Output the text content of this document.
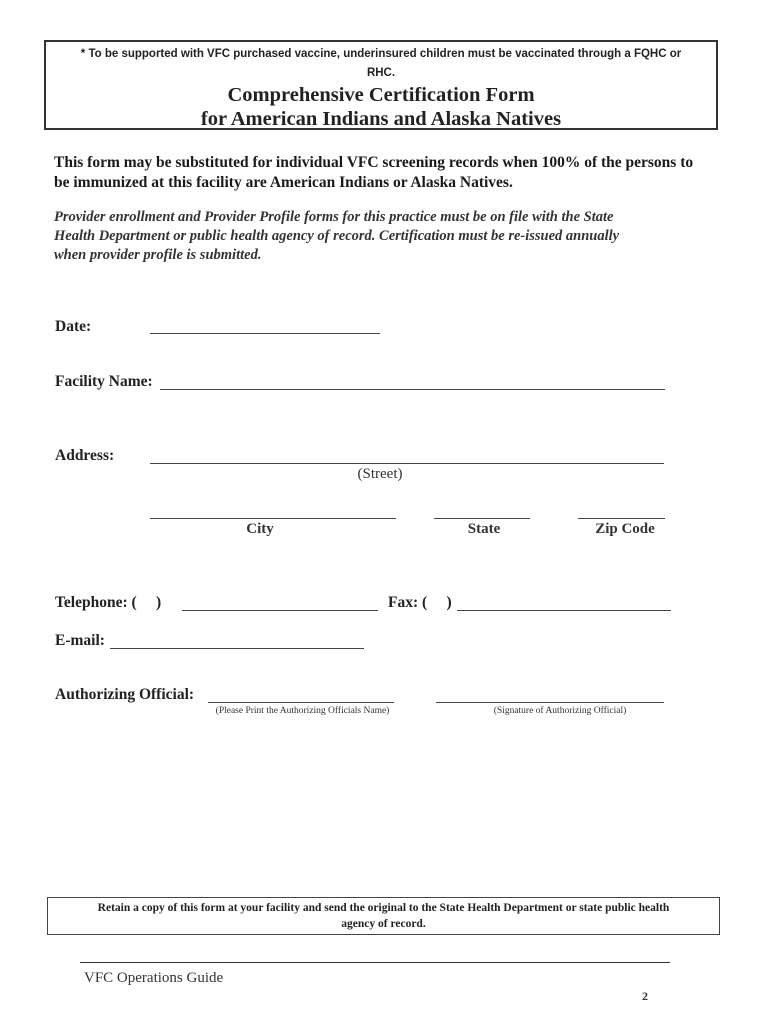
* To be supported with VFC purchased vaccine, underinsured children must be vaccinated through a FQHC or
RHC.
Comprehensive Certification Form
for American Indians and Alaska Natives
This form may be substituted for individual VFC screening records when 100% of the persons to
be immunized at this facility are American Indians or Alaska Natives.
Provider enrollment and Provider Profile forms for this practice must be on file with the State
Health Department or public health agency of record. Certification must be re-issued annually
when provider profile is submitted.
Date:
Facility Name:
Address:
(Street)
City	State	Zip Code
Telephone: (     )	Fax: (     )
E-mail:
Authorizing Official:
(Please Print the Authorizing Officials Name)	(Signature of Authorizing Official)
Retain a copy of this form at your facility and send the original to the State Health Department or state public health
agency of record.
VFC Operations Guide
2
